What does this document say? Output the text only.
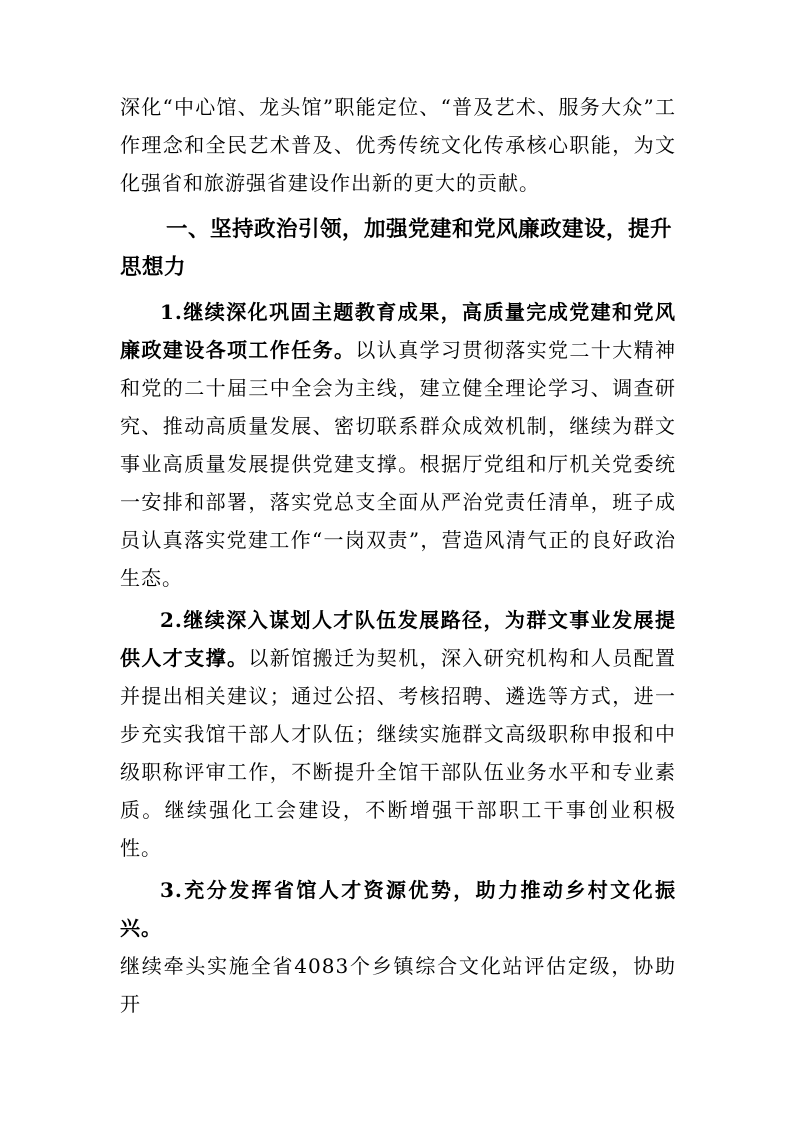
深化“中心馆、龙头馆”职能定位、“普及艺术、服务大众”工作理念和全民艺术普及、优秀传统文化传承核心职能，为文化强省和旅游强省建设作出新的更大的贡献。

一、坚持政治引领，加强党建和党风廉政建设，提升思想力

1.继续深化巩固主题教育成果，高质量完成党建和党风廉政建设各项工作任务。以认真学习贯彻落实党二十大精神和党的二十届三中全会为主线，建立健全理论学习、调查研究、推动高质量发展、密切联系群众成效机制，继续为群文事业高质量发展提供党建支撑。根据厅党组和厅机关党委统一安排和部署，落实党总支全面从严治党责任清单，班子成员认真落实党建工作“一岗双责”，营造风清气正的良好政治生态。

2.继续深入谋划人才队伍发展路径，为群文事业发展提供人才支撑。以新馆搬迁为契机，深入研究机构和人员配置并提出相关建议；通过公招、考核招聘、遴选等方式，进一步充实我馆干部人才队伍；继续实施群文高级职称申报和中级职称评审工作，不断提升全馆干部队伍业务水平和专业素质。继续强化工会建设，不断增强干部职工干事创业积极性。

3.充分发挥省馆人才资源优势，助力推动乡村文化振兴。

继续牵头实施全省4083个乡镇综合文化站评估定级，协助开
